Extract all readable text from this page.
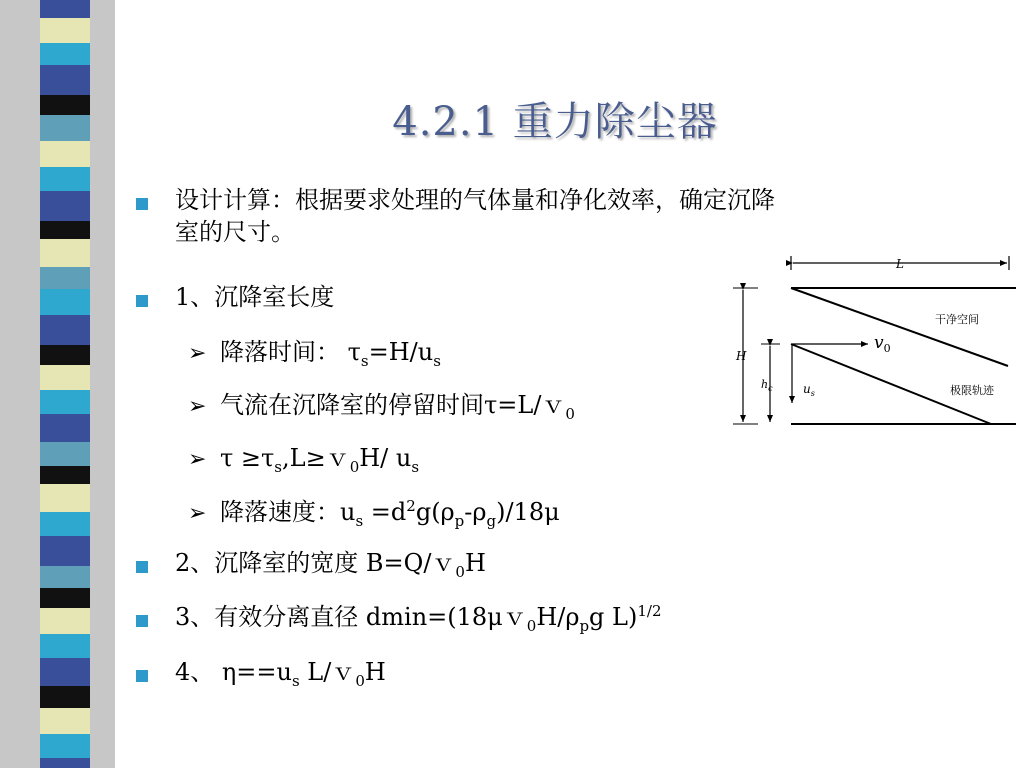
4.2.1 重力除尘器
设计计算：根据要求处理的气体量和净化效率，确定沉降
室的尺寸。
1、沉降室长度
➢ 降落时间： $\tau_s=H/u_s$
➢ 气流在沉降室的停留时间τ=L/ｖ$_0$
➢ $\tau \ge\tau_s,L\ge v_0H/$ $u_s$
➢ 降落速度：$u_s =d^2g(\rho_p-\rho_g)/18\mu$
2、沉降室的宽度 B=Q/ｖ$_0$H
3、有效分离直径 $dmin=(18\mu v_0H/\rho_pg$ L)$^{1/2}$
4、 $\eta==u_s$ L/ｖ$_0$H
L
H
$h_c$
$v_0$
$u_s$
干净空间
极限轨迹
